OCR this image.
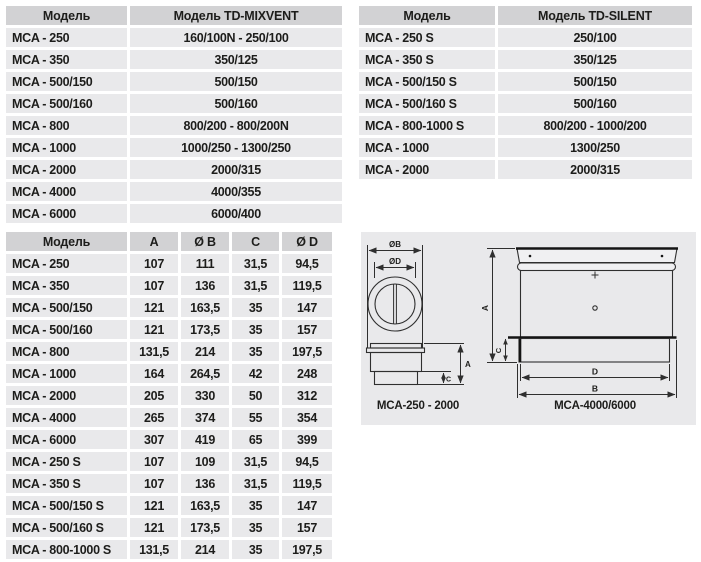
Модель	Модель TD-MIXVENT
MCA - 250	160/100N - 250/100
MCA - 350	350/125
MCA - 500/150	500/150
MCA - 500/160	500/160
MCA - 800	800/200 - 800/200N
MCA - 1000	1000/250 - 1300/250
MCA - 2000	2000/315
MCA - 4000	4000/355
MCA - 6000	6000/400
Модель	Модель TD-SILENT
MCA - 250 S	250/100
MCA - 350 S	350/125
MCA - 500/150 S	500/150
MCA - 500/160 S	500/160
MCA - 800-1000 S	800/200 - 1000/200
MCA - 1000	1300/250
MCA - 2000	2000/315
Модель	A	Ø B	C	Ø D
MCA - 250	107	111	31,5	94,5
MCA - 350	107	136	31,5	119,5
MCA - 500/150	121	163,5	35	147
MCA - 500/160	121	173,5	35	157
MCA - 800	131,5	214	35	197,5
MCA - 1000	164	264,5	42	248
MCA - 2000	205	330	50	312
MCA - 4000	265	374	55	354
MCA - 6000	307	419	65	399
MCA - 250 S	107	109	31,5	94,5
MCA - 350 S	107	136	31,5	119,5
MCA - 500/150 S	121	163,5	35	147
MCA - 500/160 S	121	173,5	35	157
MCA - 800-1000 S	131,5	214	35	197,5
ØB
ØD
A
C
A
C
D
B
MCA-250 - 2000	MCA-4000/6000
